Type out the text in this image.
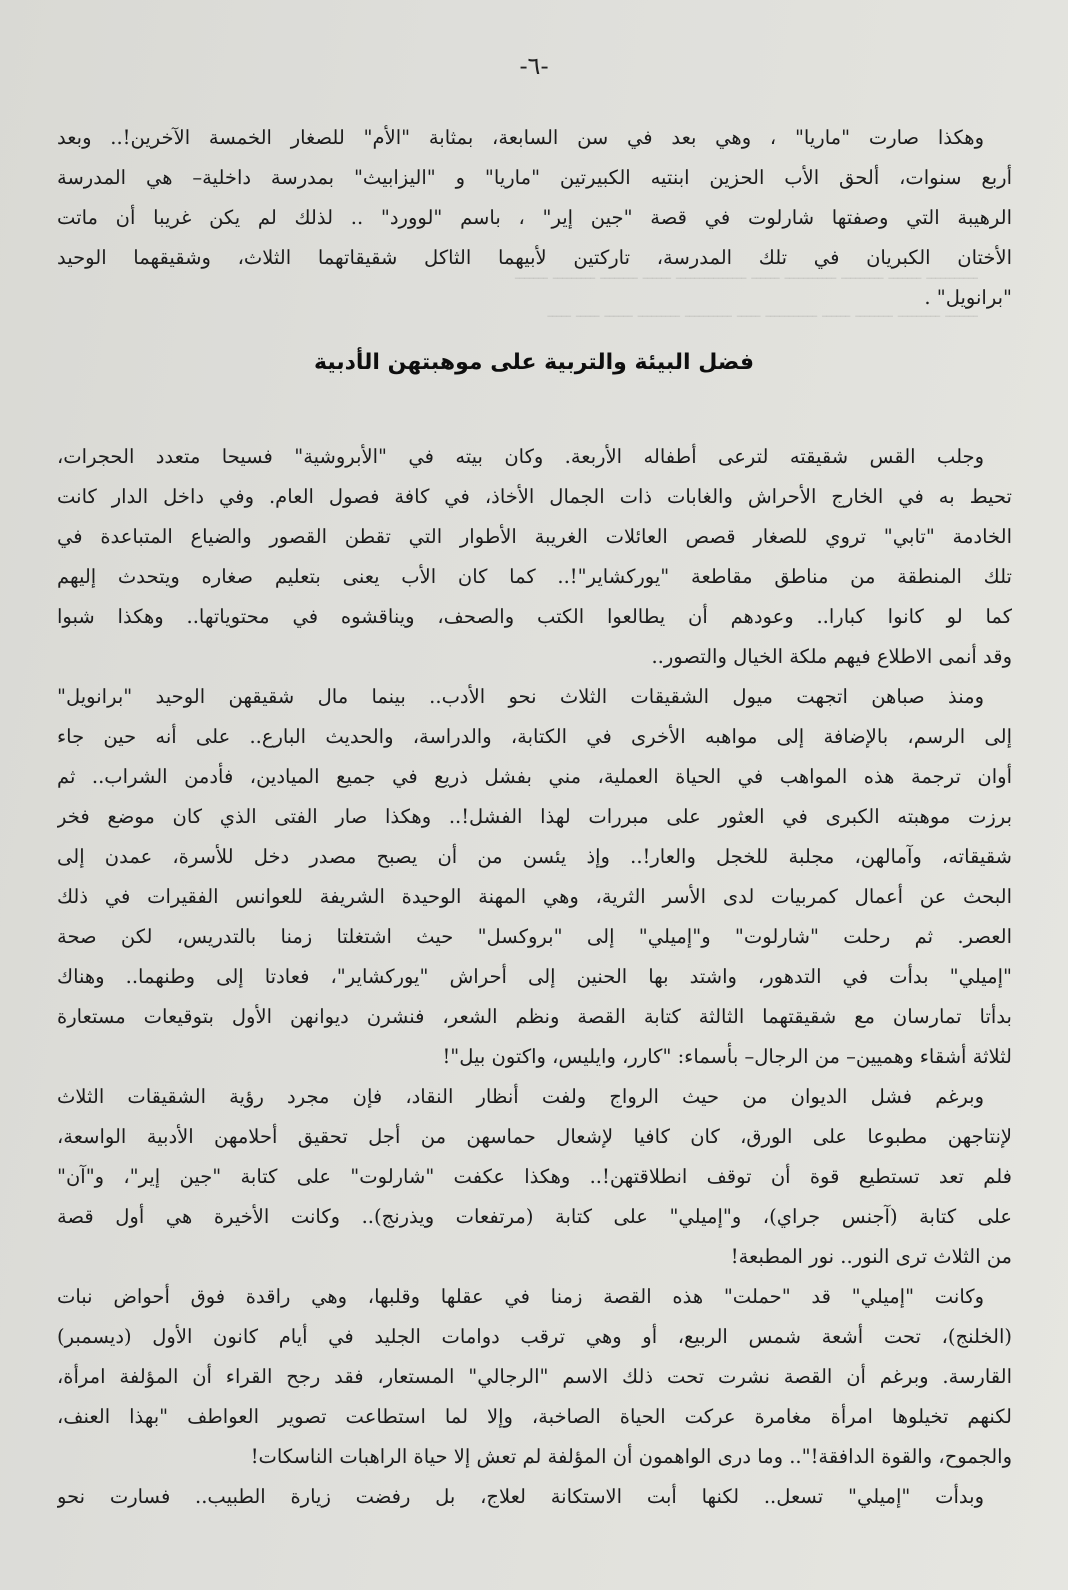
ـــــــــــ ـــــــ ـــــــــ ـــــــــــ ــــــ ـــــــــــــــ ــــــ ــــــــ ـــــــــ ـــــــ
ـــــــ ـــــــــ ــــــــ ــــــ ـــــــــــ ـــــ ــــــــــ ـــــــــ ــــــ ـــــ ـــــ
-٦-
وهكذا صارت "ماريا" ، وهي بعد في سن السابعة، بمثابة "الأم" للصغار الخمسة الآخرين!.. وبعد
أربع سنوات، ألحق الأب الحزين ابنتيه الكبيرتين "ماريا" و "اليزابيث" بمدرسة داخلية– هي المدرسة
الرهيبة التي وصفتها شارلوت في قصة "جين إير" ، باسم "لوورد" .. لذلك لم يكن غريبا أن ماتت
الأختان الكبريان في تلك المدرسة، تاركتين لأبيهما الثاكل شقيقاتهما الثلاث، وشقيقهما الوحيد
"برانويل" .
فضل البيئة والتربية على موهبتهن الأدبية
وجلب القس شقيقته لترعى أطفاله الأربعة. وكان بيته في "الأبروشية" فسيحا متعدد الحجرات،
تحيط به في الخارج الأحراش والغابات ذات الجمال الأخاذ، في كافة فصول العام. وفي داخل الدار كانت
الخادمة "تابي" تروي للصغار قصص العائلات الغريبة الأطوار التي تقطن القصور والضياع المتباعدة في
تلك المنطقة من مناطق مقاطعة "يوركشاير"!.. كما كان الأب يعنى بتعليم صغاره ويتحدث إليهم
كما لو كانوا كبارا.. وعودهم أن يطالعوا الكتب والصحف، ويناقشوه في محتوياتها.. وهكذا شبوا
وقد أنمى الاطلاع فيهم ملكة الخيال والتصور..
ومنذ صباهن اتجهت ميول الشقيقات الثلاث نحو الأدب.. بينما مال شقيقهن الوحيد "برانويل"
إلى الرسم، بالإضافة إلى مواهبه الأخرى في الكتابة، والدراسة، والحديث البارع.. على أنه حين جاء
أوان ترجمة هذه المواهب في الحياة العملية، مني بفشل ذريع في جميع الميادين، فأدمن الشراب.. ثم
برزت موهبته الكبرى في العثور على مبررات لهذا الفشل!.. وهكذا صار الفتى الذي كان موضع فخر
شقيقاته، وآمالهن، مجلبة للخجل والعار!.. وإذ يئسن من أن يصبح مصدر دخل للأسرة، عمدن إلى
البحث عن أعمال كمربيات لدى الأسر الثرية، وهي المهنة الوحيدة الشريفة للعوانس الفقيرات في ذلك
العصر. ثم رحلت "شارلوت" و"إميلي" إلى "بروكسل" حيث اشتغلتا زمنا بالتدريس، لكن صحة
"إميلي" بدأت في التدهور، واشتد بها الحنين إلى أحراش "يوركشاير"، فعادتا إلى وطنهما.. وهناك
بدأتا تمارسان مع شقيقتهما الثالثة كتابة القصة ونظم الشعر، فنشرن ديوانهن الأول بتوقيعات مستعارة
لثلاثة أشقاء وهميين– من الرجال– بأسماء: "كارر، وايليس، واكتون بيل"!
وبرغم فشل الديوان من حيث الرواج ولفت أنظار النقاد، فإن مجرد رؤية الشقيقات الثلاث
لإنتاجهن مطبوعا على الورق، كان كافيا لإشعال حماسهن من أجل تحقيق أحلامهن الأدبية الواسعة،
فلم تعد تستطيع قوة أن توقف انطلاقتهن!.. وهكذا عكفت "شارلوت" على كتابة "جين إير"، و"آن"
على كتابة (آجنس جراي)، و"إميلي" على كتابة (مرتفعات ويذرنج).. وكانت الأخيرة هي أول قصة
من الثلاث ترى النور.. نور المطبعة!
وكانت "إميلي" قد "حملت" هذه القصة زمنا في عقلها وقلبها، وهي راقدة فوق أحواض نبات
(الخلنج)، تحت أشعة شمس الربيع، أو وهي ترقب دوامات الجليد في أيام كانون الأول (ديسمبر)
القارسة. وبرغم أن القصة نشرت تحت ذلك الاسم "الرجالي" المستعار، فقد رجح القراء أن المؤلفة امرأة،
لكنهم تخيلوها امرأة مغامرة عركت الحياة الصاخبة، وإلا لما استطاعت تصوير العواطف "بهذا العنف،
والجموح، والقوة الدافقة!".. وما درى الواهمون أن المؤلفة لم تعش إلا حياة الراهبات الناسكات!
وبدأت "إميلي" تسعل.. لكنها أبت الاستكانة لعلاج، بل رفضت زيارة الطبيب.. فسارت نحو
